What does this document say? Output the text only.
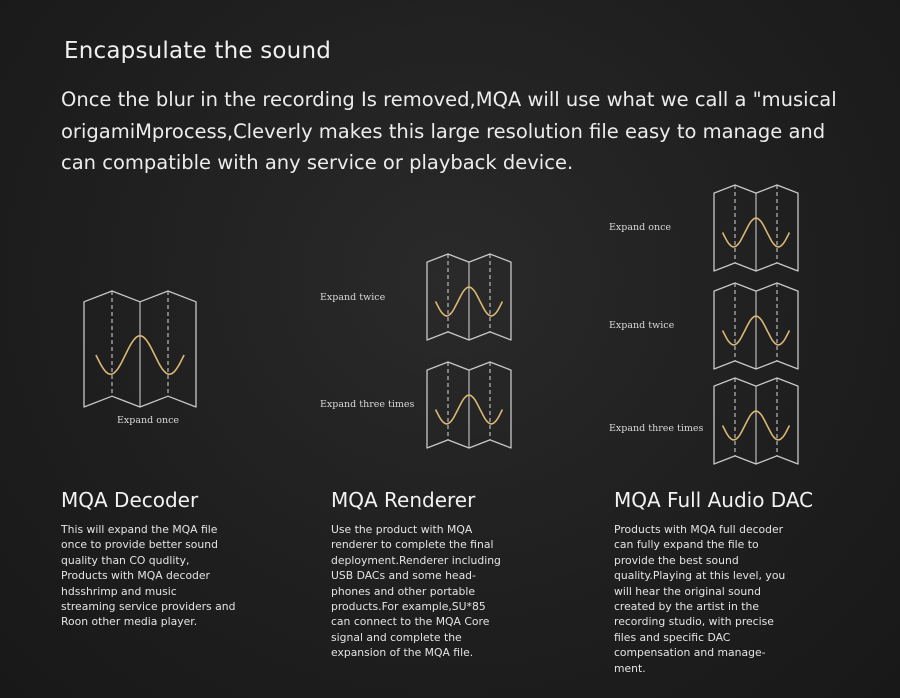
Encapsulate the sound
Once the blur in the recording Is removed,MQA will use what we call a "musical
origamiMprocess,Cleverly makes this large resolution file easy to manage and
can compatible with any service or playback device.
Expand once
Expand twice
Expand three times
Expand once
Expand twice
Expand three times
MQA Decoder
This will expand the MQA file
once to provide better sound
quality than CO qudlity,
Products with MQA decoder
hdsshrimp and music
streaming service providers and
Roon other media player.
MQA Renderer
Use the product with MQA
renderer to complete the final
deployment.Renderer including
USB DACs and some head-
phones and other portable
products.For example,SU*85
can connect to the MQA Core
signal and complete the
expansion of the MQA file.
MQA Full Audio DAC
Products with MQA full decoder
can fully expand the file to
provide the best sound
quality.Playing at this level, you
will hear the original sound
created by the artist in the
recording studio, with precise
files and specific DAC
compensation and manage-
ment.
